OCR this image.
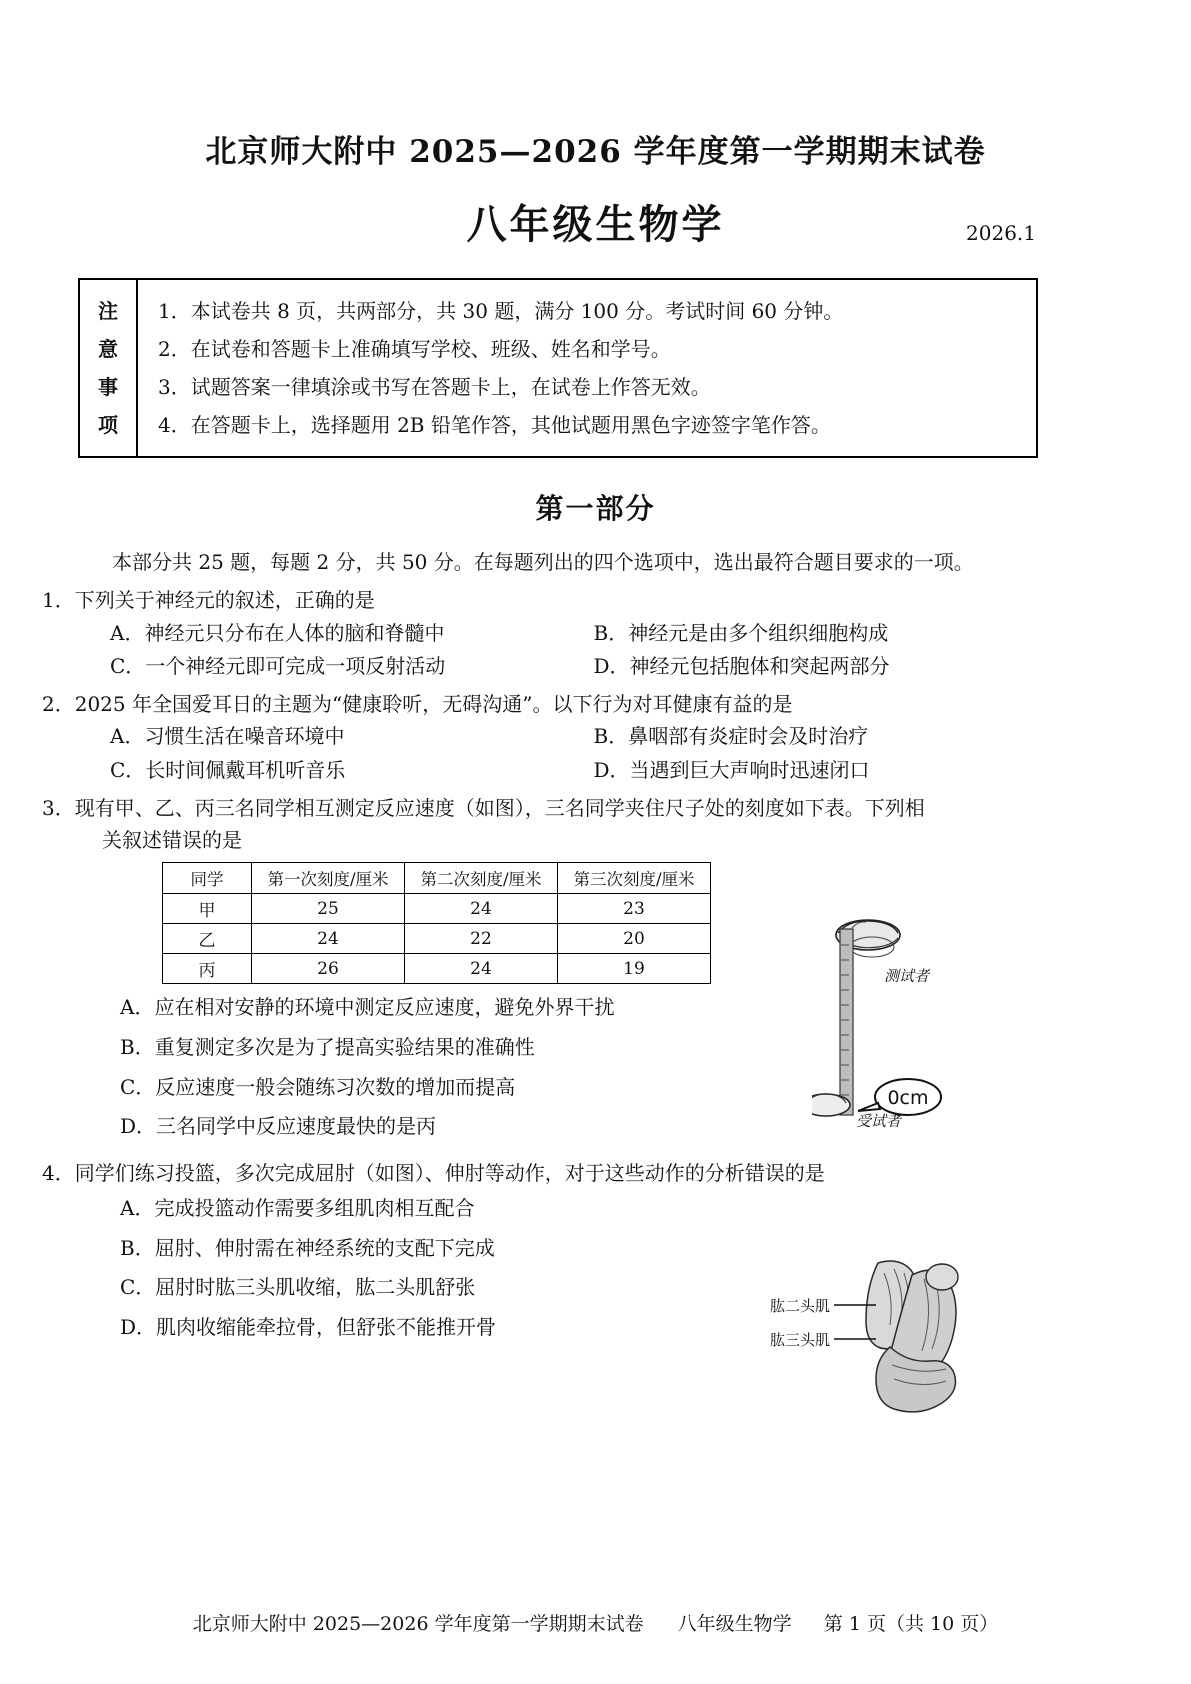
北京师大附中 2025—2026 学年度第一学期期末试卷
八年级生物学	2026.1
注
意
事
项
1．本试卷共 8 页，共两部分，共 30 题，满分 100 分。考试时间 60 分钟。
2．在试卷和答题卡上准确填写学校、班级、姓名和学号。
3．试题答案一律填涂或书写在答题卡上，在试卷上作答无效。
4．在答题卡上，选择题用 2B 铅笔作答，其他试题用黑色字迹签字笔作答。
第一部分

本部分共 25 题，每题 2 分，共 50 分。在每题列出的四个选项中，选出最符合题目要求的一项。

1．下列关于神经元的叙述，正确的是
A．神经元只分布在人体的脑和脊髓中	B．神经元是由多个组织细胞构成
C．一个神经元即可完成一项反射活动	D．神经元包括胞体和突起两部分
2．2025 年全国爱耳日的主题为“健康聆听，无碍沟通”。以下行为对耳健康有益的是
A．习惯生活在噪音环境中	B．鼻咽部有炎症时会及时治疗
C．长时间佩戴耳机听音乐	D．当遇到巨大声响时迅速闭口
3．现有甲、乙、丙三名同学相互测定反应速度（如图），三名同学夹住尺子处的刻度如下表。下列相关叙述错误的是
同学	第一次刻度/厘米	第二次刻度/厘米	第三次刻度/厘米
甲	25	24	23
乙	24	22	20
丙	26	24	19
A．应在相对安静的环境中测定反应速度，避免外界干扰
B．重复测定多次是为了提高实验结果的准确性
C．反应速度一般会随练习次数的增加而提高
D．三名同学中反应速度最快的是丙
4．同学们练习投篮，多次完成屈肘（如图）、伸肘等动作，对于这些动作的分析错误的是
A．完成投篮动作需要多组肌肉相互配合
B．屈肘、伸肘需在神经系统的支配下完成
C．屈肘时肱三头肌收缩，肱二头肌舒张
D．肌肉收缩能牵拉骨，但舒张不能推开骨
测试者
0cm
受试者
肱二头肌
肱三头肌
北京师大附中 2025—2026 学年度第一学期期末试卷 八年级生物学 第 1 页（共 10 页）
